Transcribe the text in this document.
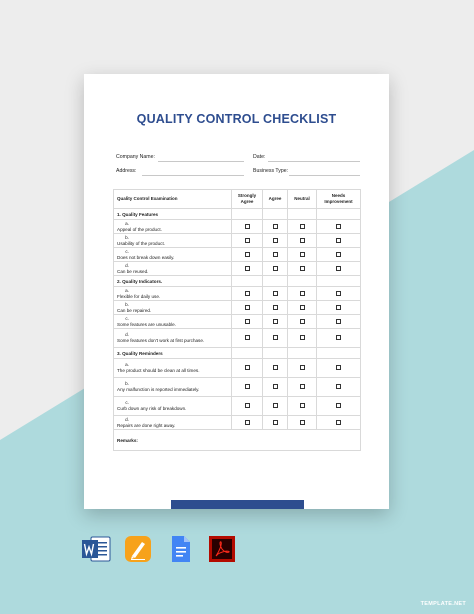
QUALITY CONTROL CHECKLIST
Company Name:	Date:
Address:	Business Type:
Quality Control Examination	Strongly Agree	Agree	Neutral	Needs Improvement
1. Quality Features				
a.Appeal of the product.				
b.Usability of the product.				
c.Does not break down easily.				
d.Can be reused.				
2. Quality Indicators.				
a.Flexible for daily use.				
b.Can be repaired.				
c.Some features are unusable.				
d.Some features don't work at first purchase.				
3. Quality Reminders				
a.The product should be clean at all times.				
b.Any malfunction is reported immediately.				
c.Curb down any risk of breakdown.				
d.Repairs are done right away.				
Remarks:				
TEMPLATE.NET
